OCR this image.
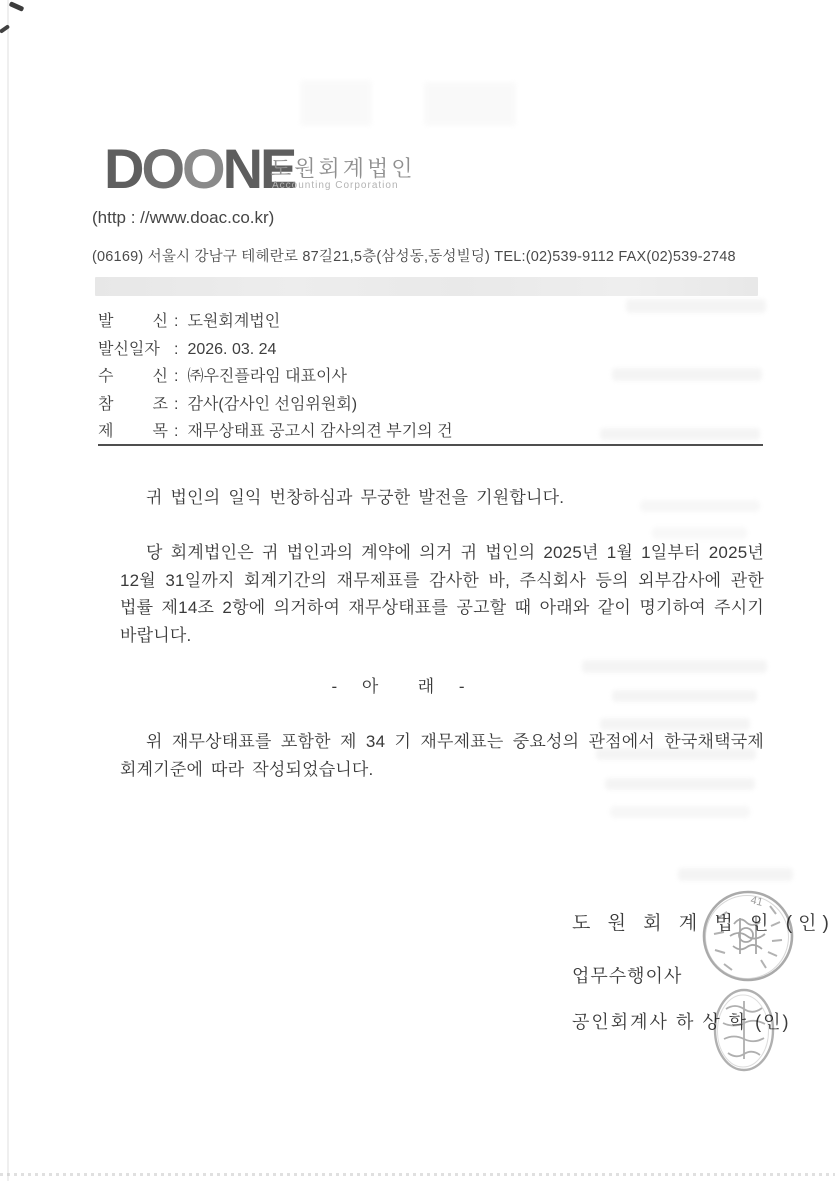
DOONE
도원회계법인
Accounting Corporation
(http : //www.doac.co.kr)
(06169) 서울시 강남구 테헤란로 87길21,5층(삼성동,동성빌딩) TEL:(02)539-9112 FAX(02)539-2748
발 신 : 도원회계법인
발신일자 : 2026. 03. 24
수 신 : ㈜우진플라임 대표이사
참 조 : 감사(감사인 선임위원회)
제 목 : 재무상태표 공고시 감사의견 부기의 건
귀 법인의 일익 번창하심과 무궁한 발전을 기원합니다.
당 회계법인은 귀 법인과의 계약에 의거 귀 법인의 2025년 1월 1일부터 2025년 12월 31일까지 회계기간의 재무제표를 감사한 바, 주식회사 등의 외부감사에 관한 법률 제14조 2항에 의거하여 재무상태표를 공고할 때 아래와 같이 명기하여 주시기 바랍니다.
- 아  래 -
위 재무상태표를 포함한 제 34 기 재무제표는 중요성의 관점에서 한국채택국제회계기준에 따라 작성되었습니다.
도 원 회 계 법 인 (인)
업무수행이사
공인회계사 하 상 학 (인)
41
